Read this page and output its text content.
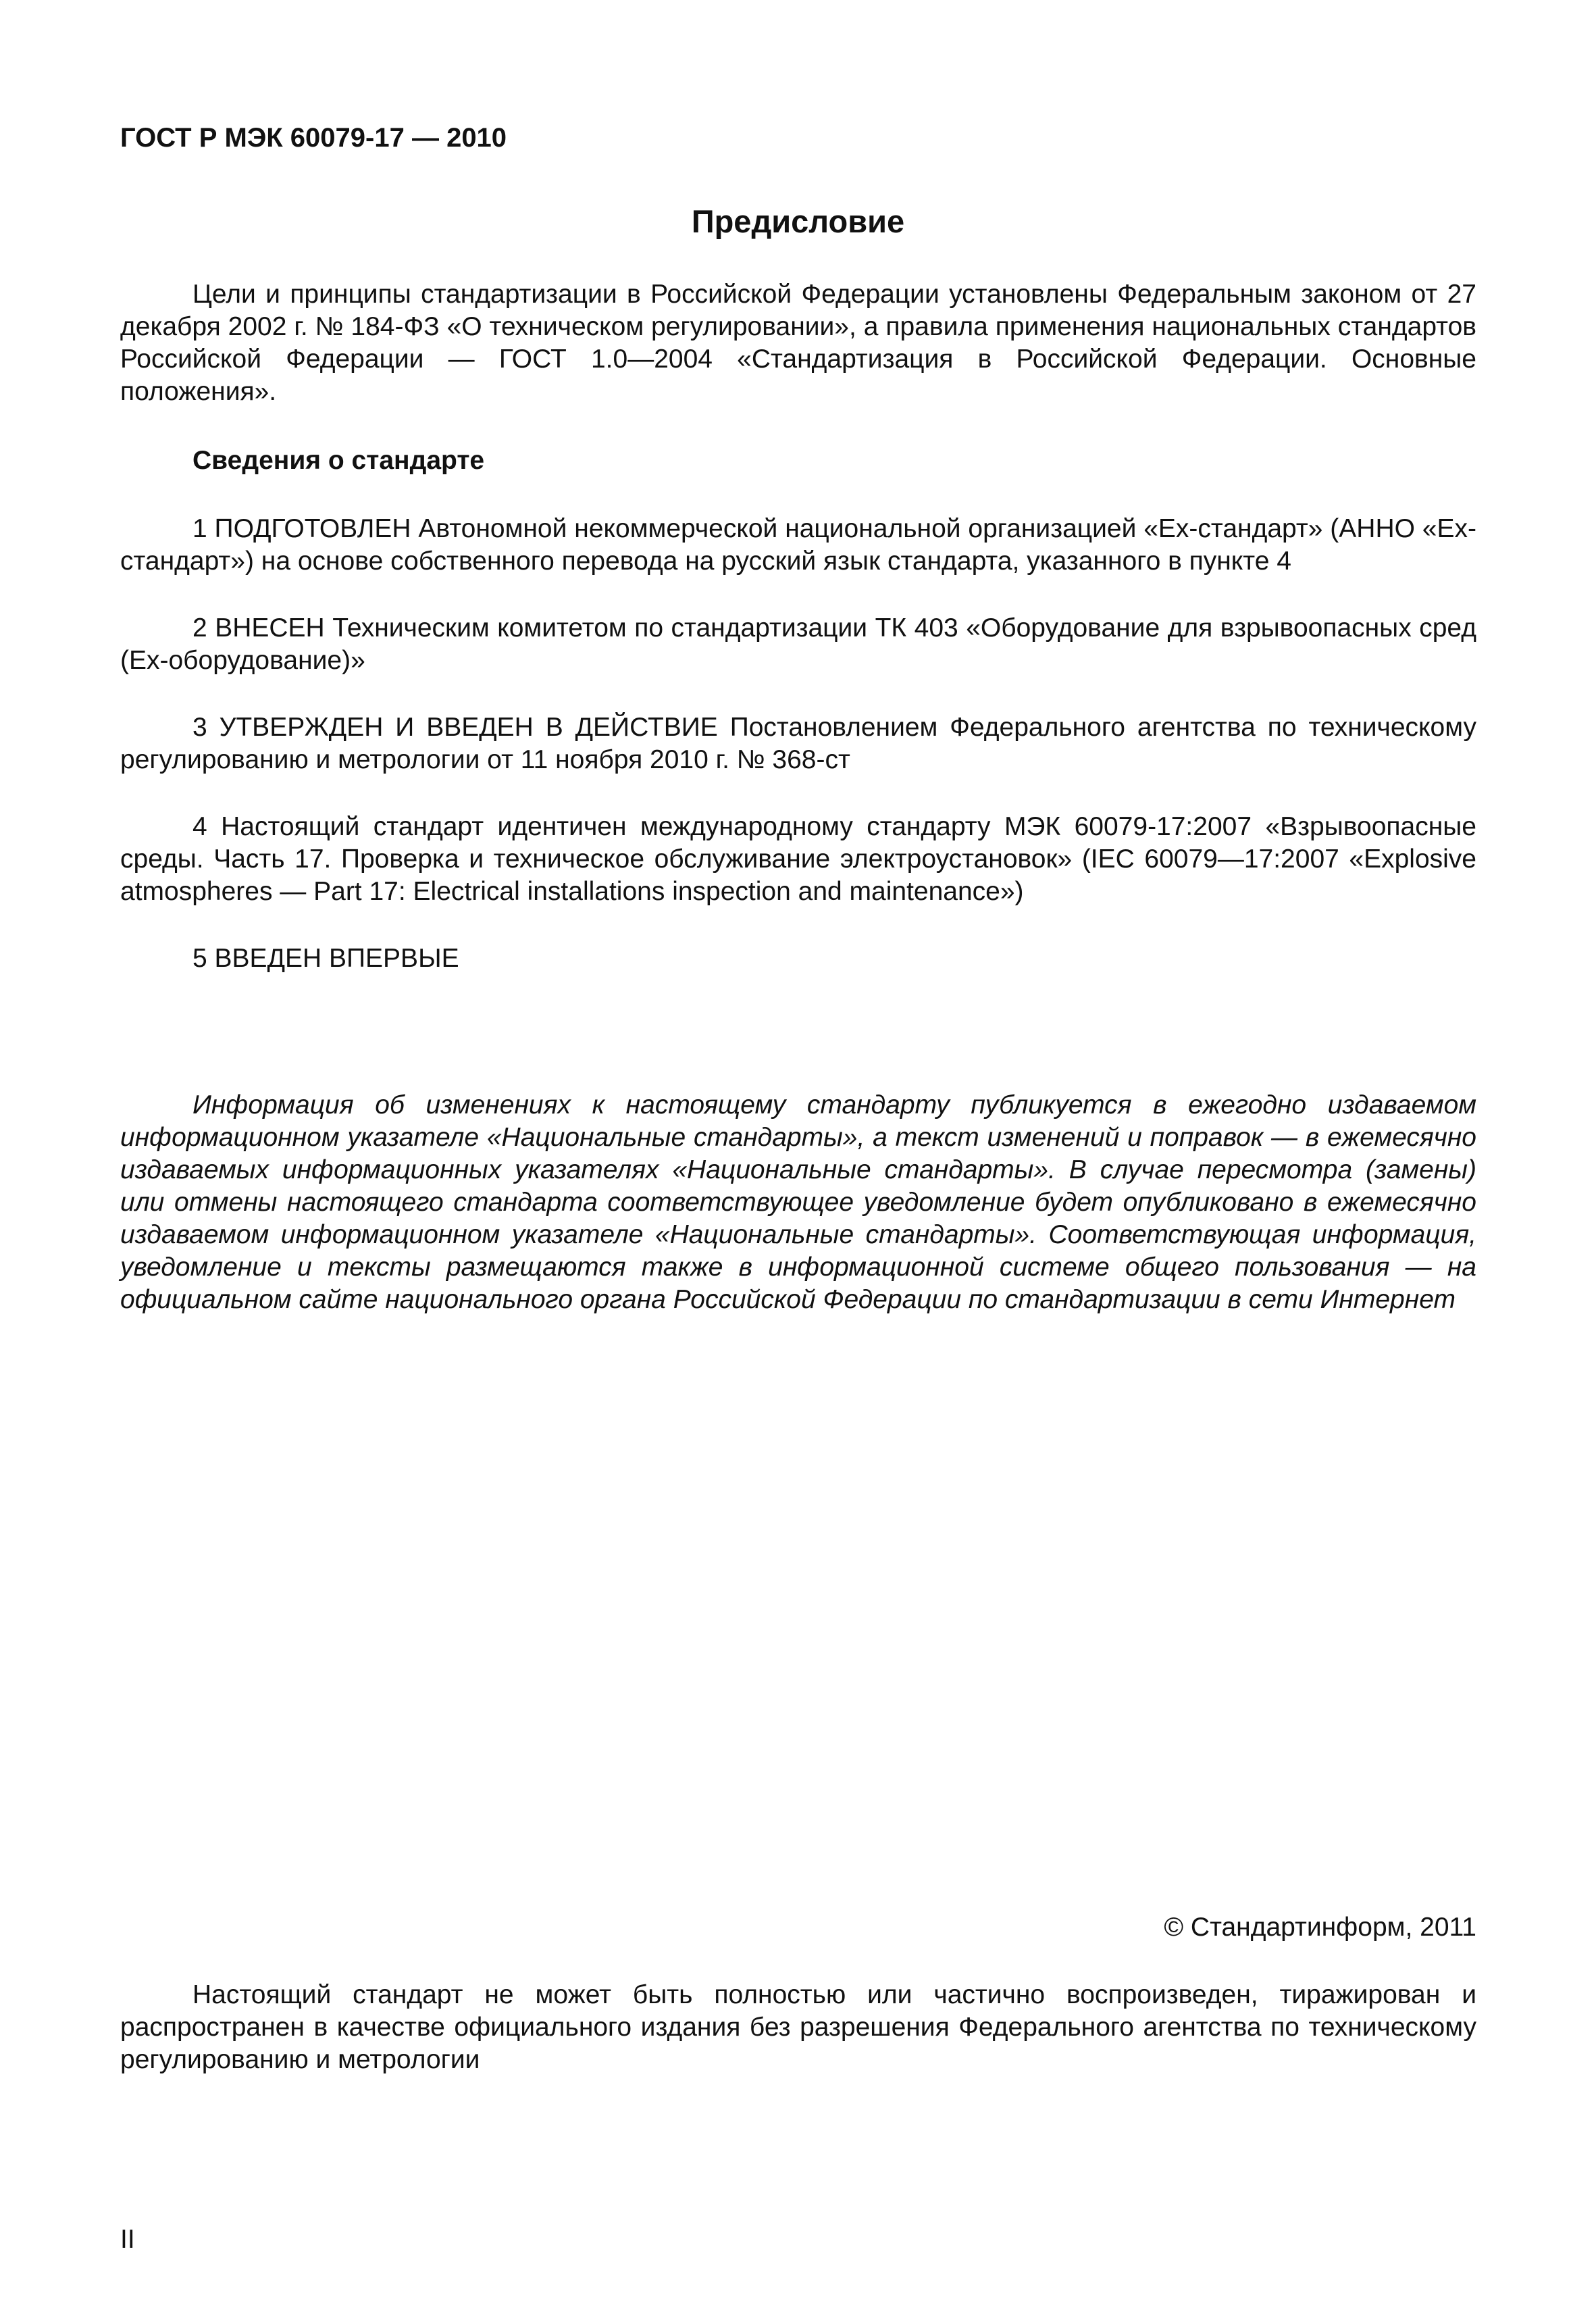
ГОСТ Р МЭК 60079-17 — 2010
Предисловие

Цели и принципы стандартизации в Российской Федерации установлены Федеральным законом от 27 декабря 2002 г. № 184-ФЗ «О техническом регулировании», а правила применения национальных стандартов Российской Федерации — ГОСТ 1.0—2004 «Стандартизация в Российской Федерации. Основные положения».

Сведения о стандарте

1 ПОДГОТОВЛЕН Автономной некоммерческой национальной организацией «Ех-стандарт» (АННО «Ех-стандарт») на основе собственного перевода на русский язык стандарта, указанного в пункте 4

2 ВНЕСЕН Техническим комитетом по стандартизации ТК 403 «Оборудование для взрывоопасных сред (Ех-оборудование)»

3 УТВЕРЖДЕН И ВВЕДЕН В ДЕЙСТВИЕ Постановлением Федерального агентства по техническому регулированию и метрологии от 11 ноября 2010 г. № 368-ст

4 Настоящий стандарт идентичен международному стандарту МЭК 60079-17:2007 «Взрывоопасные среды. Часть 17. Проверка и техническое обслуживание электроустановок» (IEC 60079—17:2007 «Explosive atmospheres — Part 17: Electrical installations inspection and maintenance»)

5 ВВЕДЕН ВПЕРВЫЕ

Информация об изменениях к настоящему стандарту публикуется в ежегодно издаваемом информационном указателе «Национальные стандарты», а текст изменений и поправок — в ежемесячно издаваемых информационных указателях «Национальные стандарты». В случае пересмотра (замены) или отмены настоящего стандарта соответствующее уведомление будет опубликовано в ежемесячно издаваемом информационном указателе «Национальные стандарты». Соответствующая информация, уведомление и тексты размещаются также в информационной системе общего пользования — на официальном сайте национального органа Российской Федерации по стандартизации в сети Интернет

© Стандартинформ, 2011

Настоящий стандарт не может быть полностью или частично воспроизведен, тиражирован и распространен в качестве официального издания без разрешения Федерального агентства по техническому регулированию и метрологии

II
